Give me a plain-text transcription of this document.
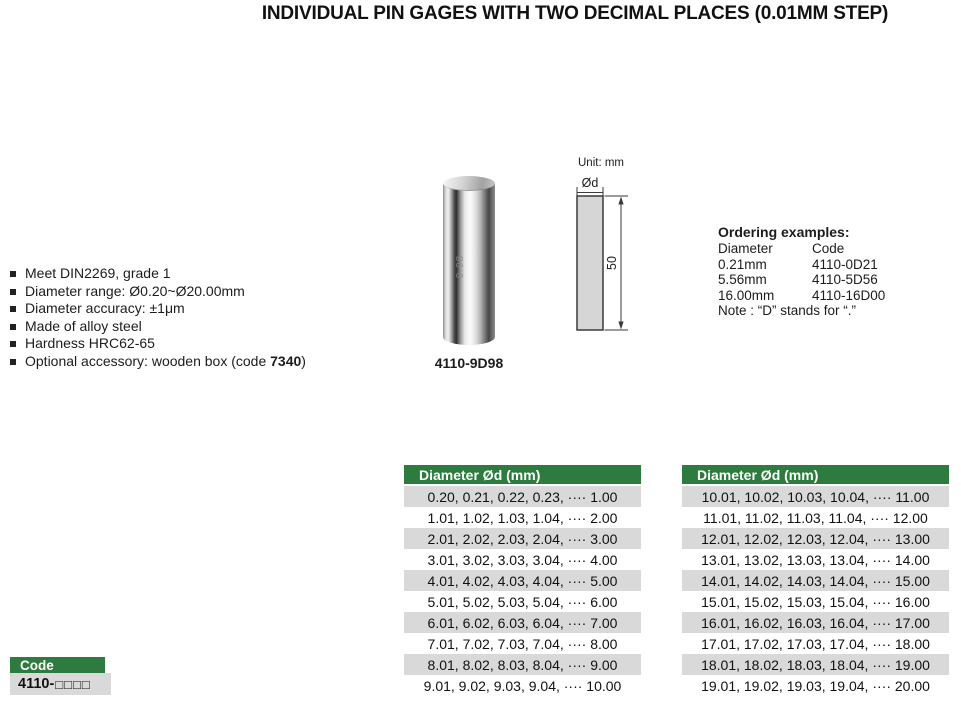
INDIVIDUAL PIN GAGES WITH TWO DECIMAL PLACES (0.01MM STEP)
Meet DIN2269, grade 1
Diameter range: Ø0.20~Ø20.00mm
Diameter accuracy: ±1μm
Made of alloy steel
Hardness HRC62-65
Optional accessory: wooden box (code 7340)
9.98
4110-9D98
Unit: mm
Ød
50
Ordering examples:
Diameter	Code
0.21mm	4110-0D21
5.56mm	4110-5D56
16.00mm	4110-16D00
Note : “D” stands for “.”
Diameter Ød (mm)
0.20, 0.21, 0.22, 0.23, ···· 1.00
1.01, 1.02, 1.03, 1.04, ···· 2.00
2.01, 2.02, 2.03, 2.04, ···· 3.00
3.01, 3.02, 3.03, 3.04, ···· 4.00
4.01, 4.02, 4.03, 4.04, ···· 5.00
5.01, 5.02, 5.03, 5.04, ···· 6.00
6.01, 6.02, 6.03, 6.04, ···· 7.00
7.01, 7.02, 7.03, 7.04, ···· 8.00
8.01, 8.02, 8.03, 8.04, ···· 9.00
9.01, 9.02, 9.03, 9.04, ···· 10.00
Diameter Ød (mm)
10.01, 10.02, 10.03, 10.04, ···· 11.00
11.01, 11.02, 11.03, 11.04, ···· 12.00
12.01, 12.02, 12.03, 12.04, ···· 13.00
13.01, 13.02, 13.03, 13.04, ···· 14.00
14.01, 14.02, 14.03, 14.04, ···· 15.00
15.01, 15.02, 15.03, 15.04, ···· 16.00
16.01, 16.02, 16.03, 16.04, ···· 17.00
17.01, 17.02, 17.03, 17.04, ···· 18.00
18.01, 18.02, 18.03, 18.04, ···· 19.00
19.01, 19.02, 19.03, 19.04, ···· 20.00
Code
4110- □□□□
